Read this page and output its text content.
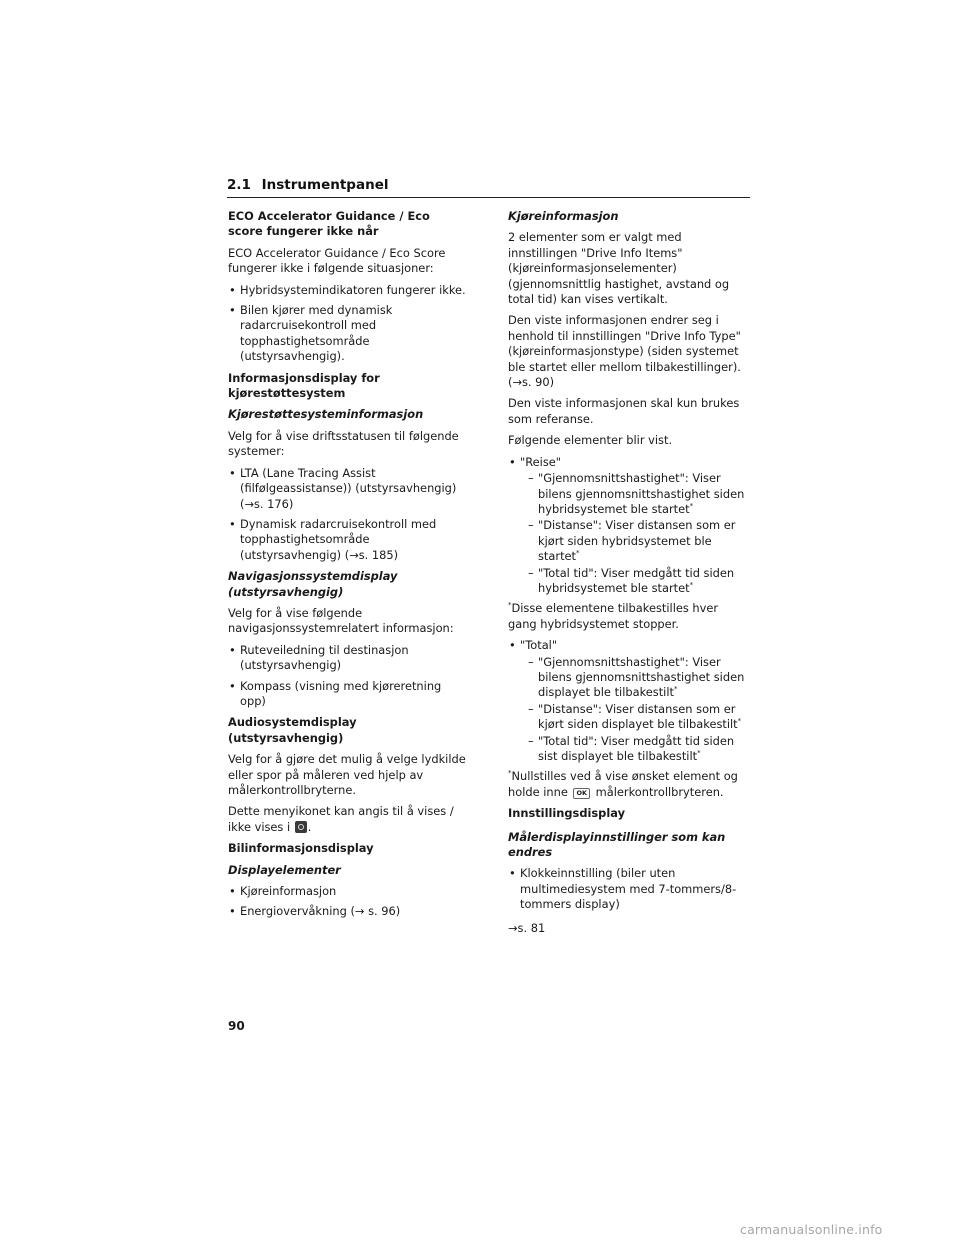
2.1 Instrumentpanel
ECO Accelerator Guidance / Eco score fungerer ikke når

ECO Accelerator Guidance / Eco Score fungerer ikke i følgende situasjoner:

• Hybridsystemindikatoren fungerer ikke.
• Bilen kjører med dynamisk radarcruisekontroll med topphastighetsområde (utstyrsavhengig).
Informasjonsdisplay for kjørestøttesystem
Kjørestøttesysteminformasjon

Velg for å vise driftsstatusen til følgende systemer:

• LTA (Lane Tracing Assist (filfølgeassistanse)) (utstyrsavhengig) (→s. 176)
• Dynamisk radarcruisekontroll med topphastighetsområde (utstyrsavhengig) (→s. 185)
Navigasjonssystemdisplay (utstyrsavhengig)

Velg for å vise følgende navigasjonssystemrelatert informasjon:

• Ruteveiledning til destinasjon (utstyrsavhengig)
• Kompass (visning med kjøreretning opp)
Audiosystemdisplay (utstyrsavhengig)

Velg for å gjøre det mulig å velge lydkilde eller spor på måleren ved hjelp av målerkontrollbryterne.

Dette menyikonet kan angis til å vises / ikke vises i .

Bilinformasjonsdisplay
Displayelementer
• Kjøreinformasjon
• Energiovervåkning (→ s. 96)
Kjøreinformasjon

2 elementer som er valgt med innstillingen "Drive Info Items" (kjøreinformasjonselementer) (gjennomsnittlig hastighet, avstand og total tid) kan vises vertikalt.

Den viste informasjonen endrer seg i henhold til innstillingen "Drive Info Type" (kjøreinformasjonstype) (siden systemet ble startet eller mellom tilbakestillinger). (→s. 90)

Den viste informasjonen skal kun brukes som referanse.

Følgende elementer blir vist.

• "Reise"
– "Gjennomsnittshastighet": Viser bilens gjennomsnittshastighet siden hybridsystemet ble startet*
– "Distanse": Viser distansen som er kjørt siden hybridsystemet ble startet*
– "Total tid": Viser medgått tid siden hybridsystemet ble startet*

*Disse elementene tilbakestilles hver gang hybridsystemet stopper.

• "Total"
– "Gjennomsnittshastighet": Viser bilens gjennomsnittshastighet siden displayet ble tilbakestilt*
– "Distanse": Viser distansen som er kjørt siden displayet ble tilbakestilt*
– "Total tid": Viser medgått tid siden sist displayet ble tilbakestilt*

*Nullstilles ved å vise ønsket element og holde inne OK målerkontrollbryteren.

Innstillingsdisplay
Målerdisplayinnstillinger som kan endres
• Klokkeinnstilling (biler uten multimediesystem med 7-tommers/8-tommers display)

→s. 81

90
carmanualsonline.info
